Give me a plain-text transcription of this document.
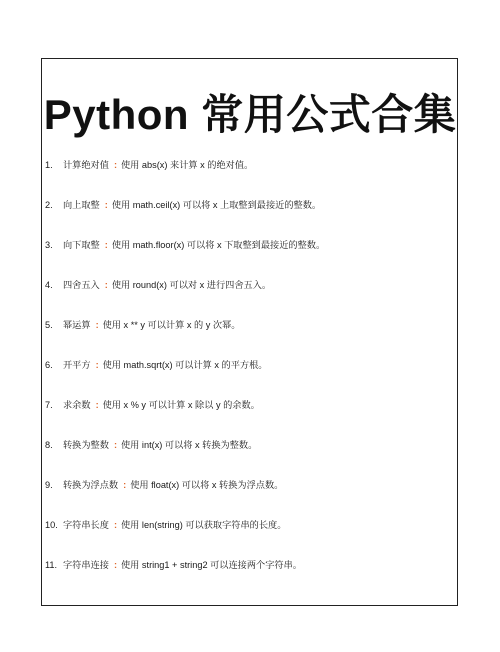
Python 常用公式合集
1.	计算绝对值 : 使用 abs(x) 来计算 x 的绝对值。
2.	向上取整 : 使用 math.ceil(x) 可以将 x 上取整到最接近的整数。
3.	向下取整 : 使用 math.floor(x) 可以将 x 下取整到最接近的整数。
4.	四舍五入 : 使用 round(x) 可以对 x 进行四舍五入。
5.	幂运算 : 使用 x ** y 可以计算 x 的 y 次幂。
6.	开平方 : 使用 math.sqrt(x) 可以计算 x 的平方根。
7.	求余数 : 使用 x % y 可以计算 x 除以 y 的余数。
8.	转换为整数 : 使用 int(x) 可以将 x 转换为整数。
9.	转换为浮点数 : 使用 float(x) 可以将 x 转换为浮点数。
10. 字符串长度 : 使用 len(string) 可以获取字符串的长度。
11. 字符串连接 : 使用 string1 + string2 可以连接两个字符串。
